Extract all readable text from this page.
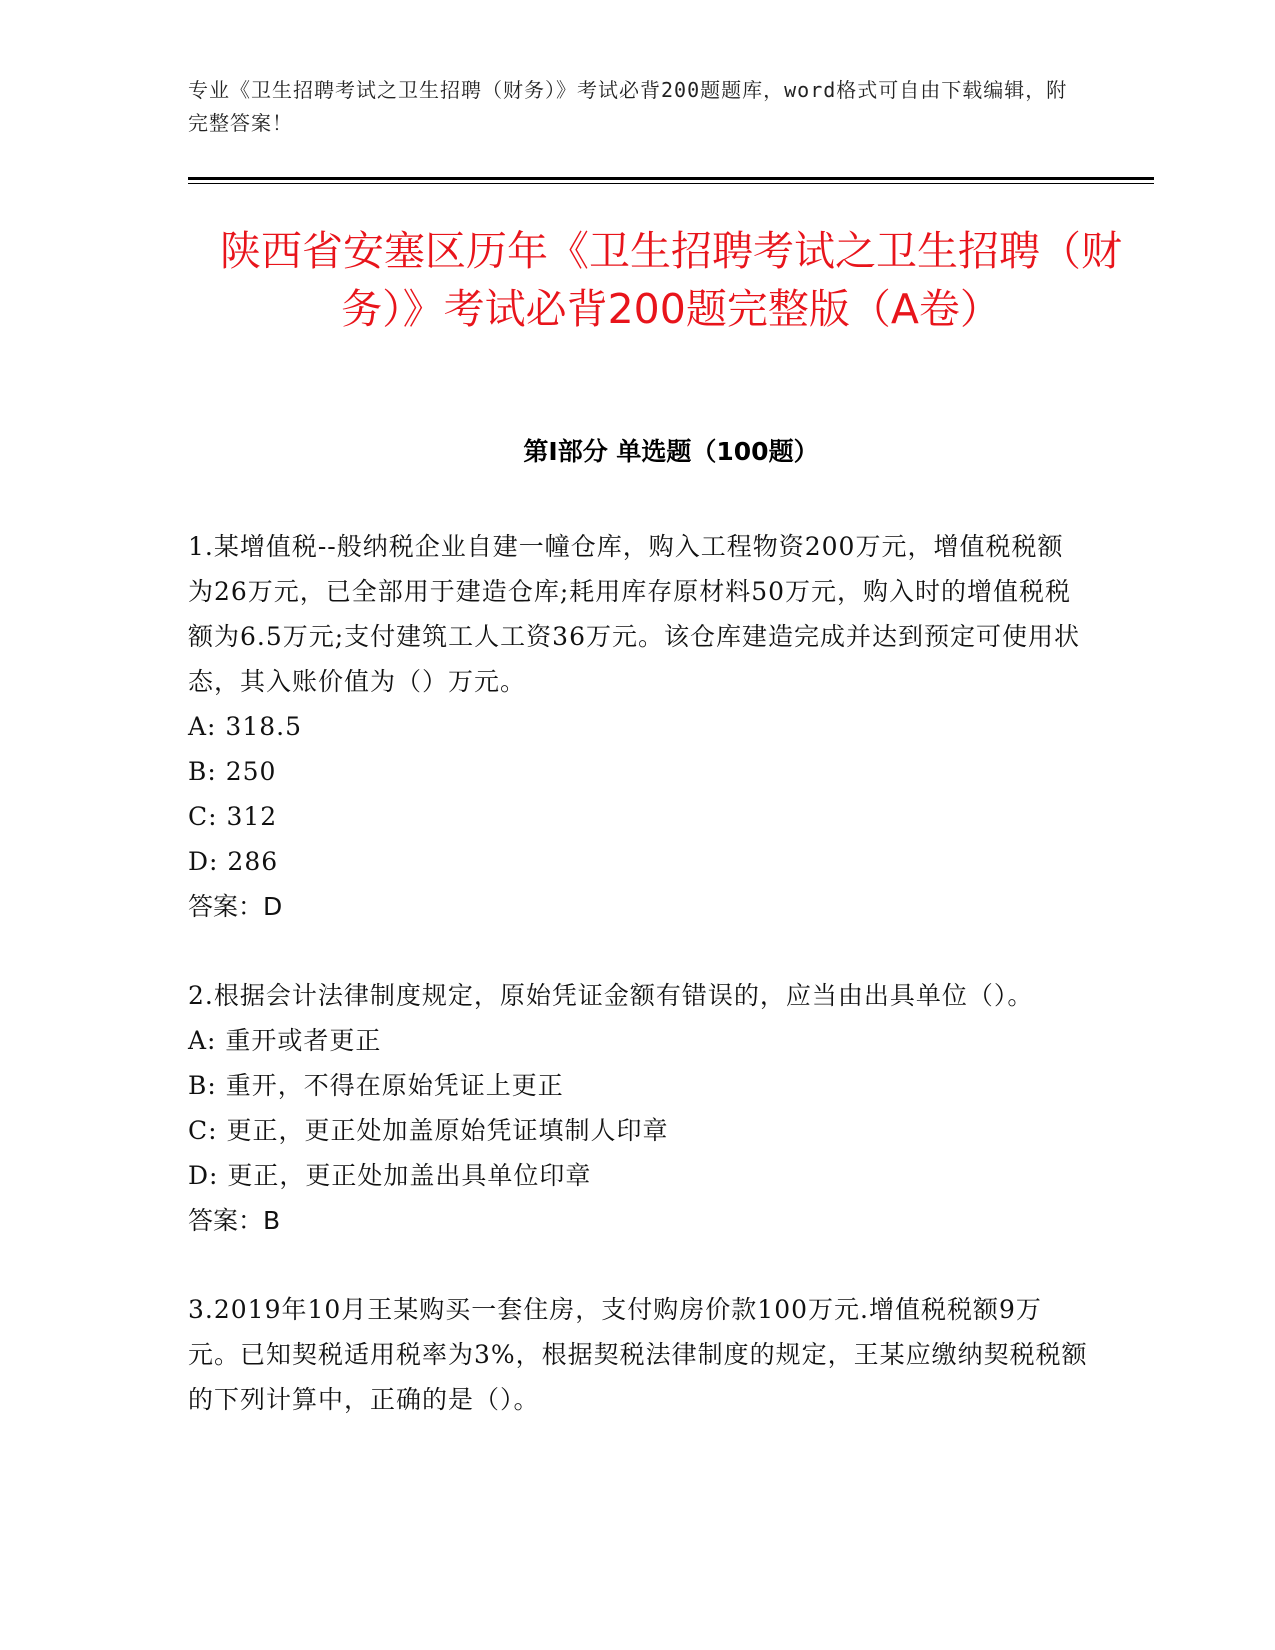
专业《卫生招聘考试之卫生招聘（财务）》考试必背200题题库，word格式可自由下载编辑，附完整答案！
陕西省安塞区历年《卫生招聘考试之卫生招聘（财务）》考试必背200题完整版（A卷）
第I部分 单选题（100题）

1.某增值税--般纳税企业自建一幢仓库，购入工程物资200万元，增值税税额为26万元，已全部用于建造仓库;耗用库存原材料50万元，购入时的增值税税额为6.5万元;支付建筑工人工资36万元。该仓库建造完成并达到预定可使用状态，其入账价值为（）万元。

A: 318.5

B: 250

C: 312

D: 286

答案：D

2.根据会计法律制度规定，原始凭证金额有错误的，应当由出具单位（）。

A: 重开或者更正

B: 重开，不得在原始凭证上更正

C: 更正，更正处加盖原始凭证填制人印章

D: 更正，更正处加盖出具单位印章

答案：B

3.2019年10月王某购买一套住房，支付购房价款100万元.增值税税额9万元。已知契税适用税率为3%，根据契税法律制度的规定，王某应缴纳契税税额的下列计算中，正确的是（）。
